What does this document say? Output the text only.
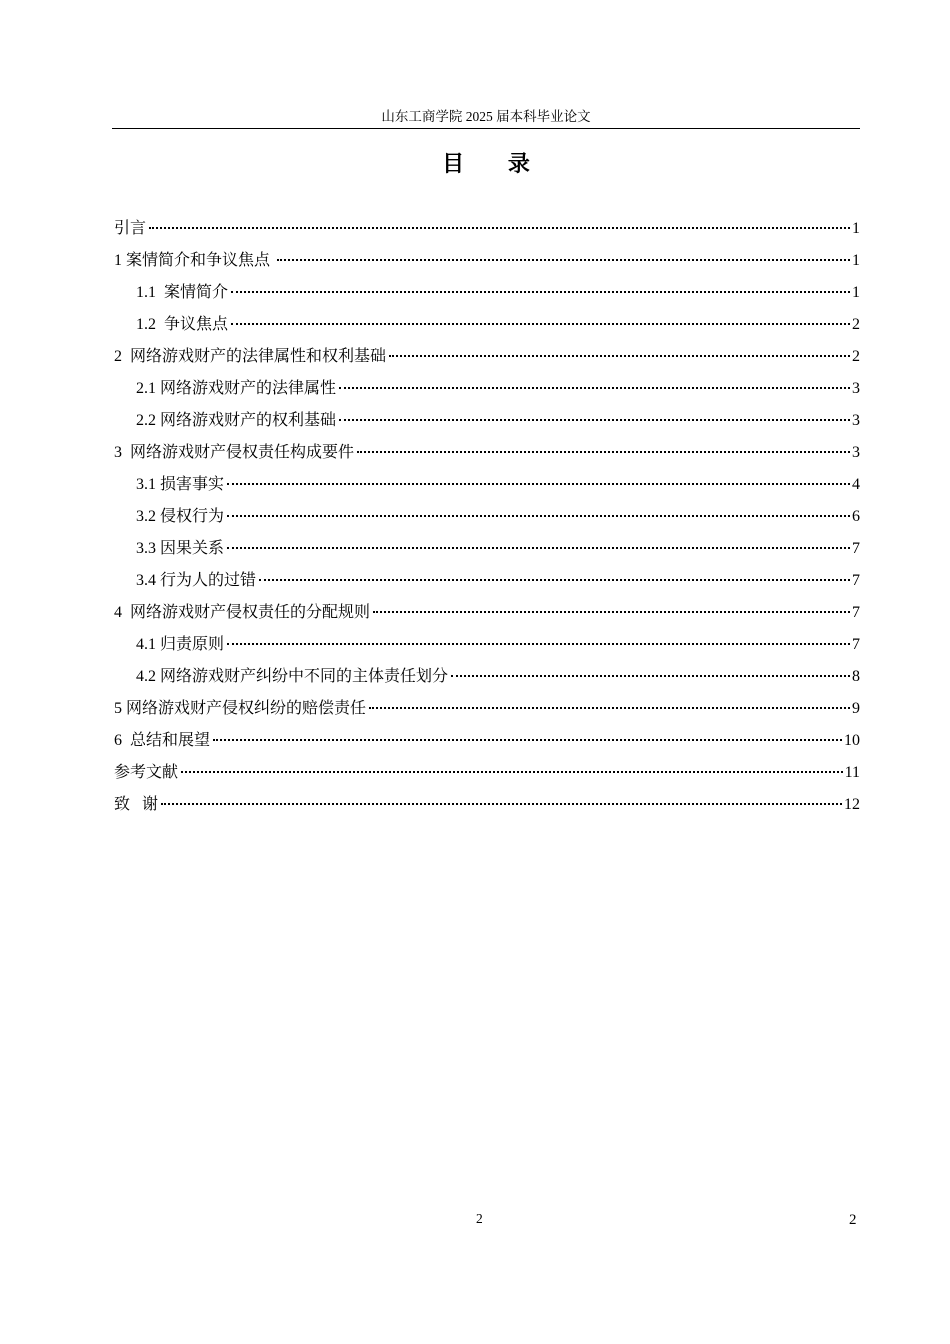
山东工商学院 2025 届本科毕业论文
目 录
引言	1
1 案情简介和争议焦点	1
1.1  案情简介	1
1.2  争议焦点	2
2  网络游戏财产的法律属性和权利基础	2
2.1 网络游戏财产的法律属性	3
2.2 网络游戏财产的权利基础	3
3  网络游戏财产侵权责任构成要件	3
3.1 损害事实	4
3.2 侵权行为	6
3.3 因果关系	7
3.4 行为人的过错	7
4  网络游戏财产侵权责任的分配规则	7
4.1 归责原则	7
4.2 网络游戏财产纠纷中不同的主体责任划分	8
5 网络游戏财产侵权纠纷的赔偿责任	9
6  总结和展望	10
参考文献	11
致   谢	12
2	2
